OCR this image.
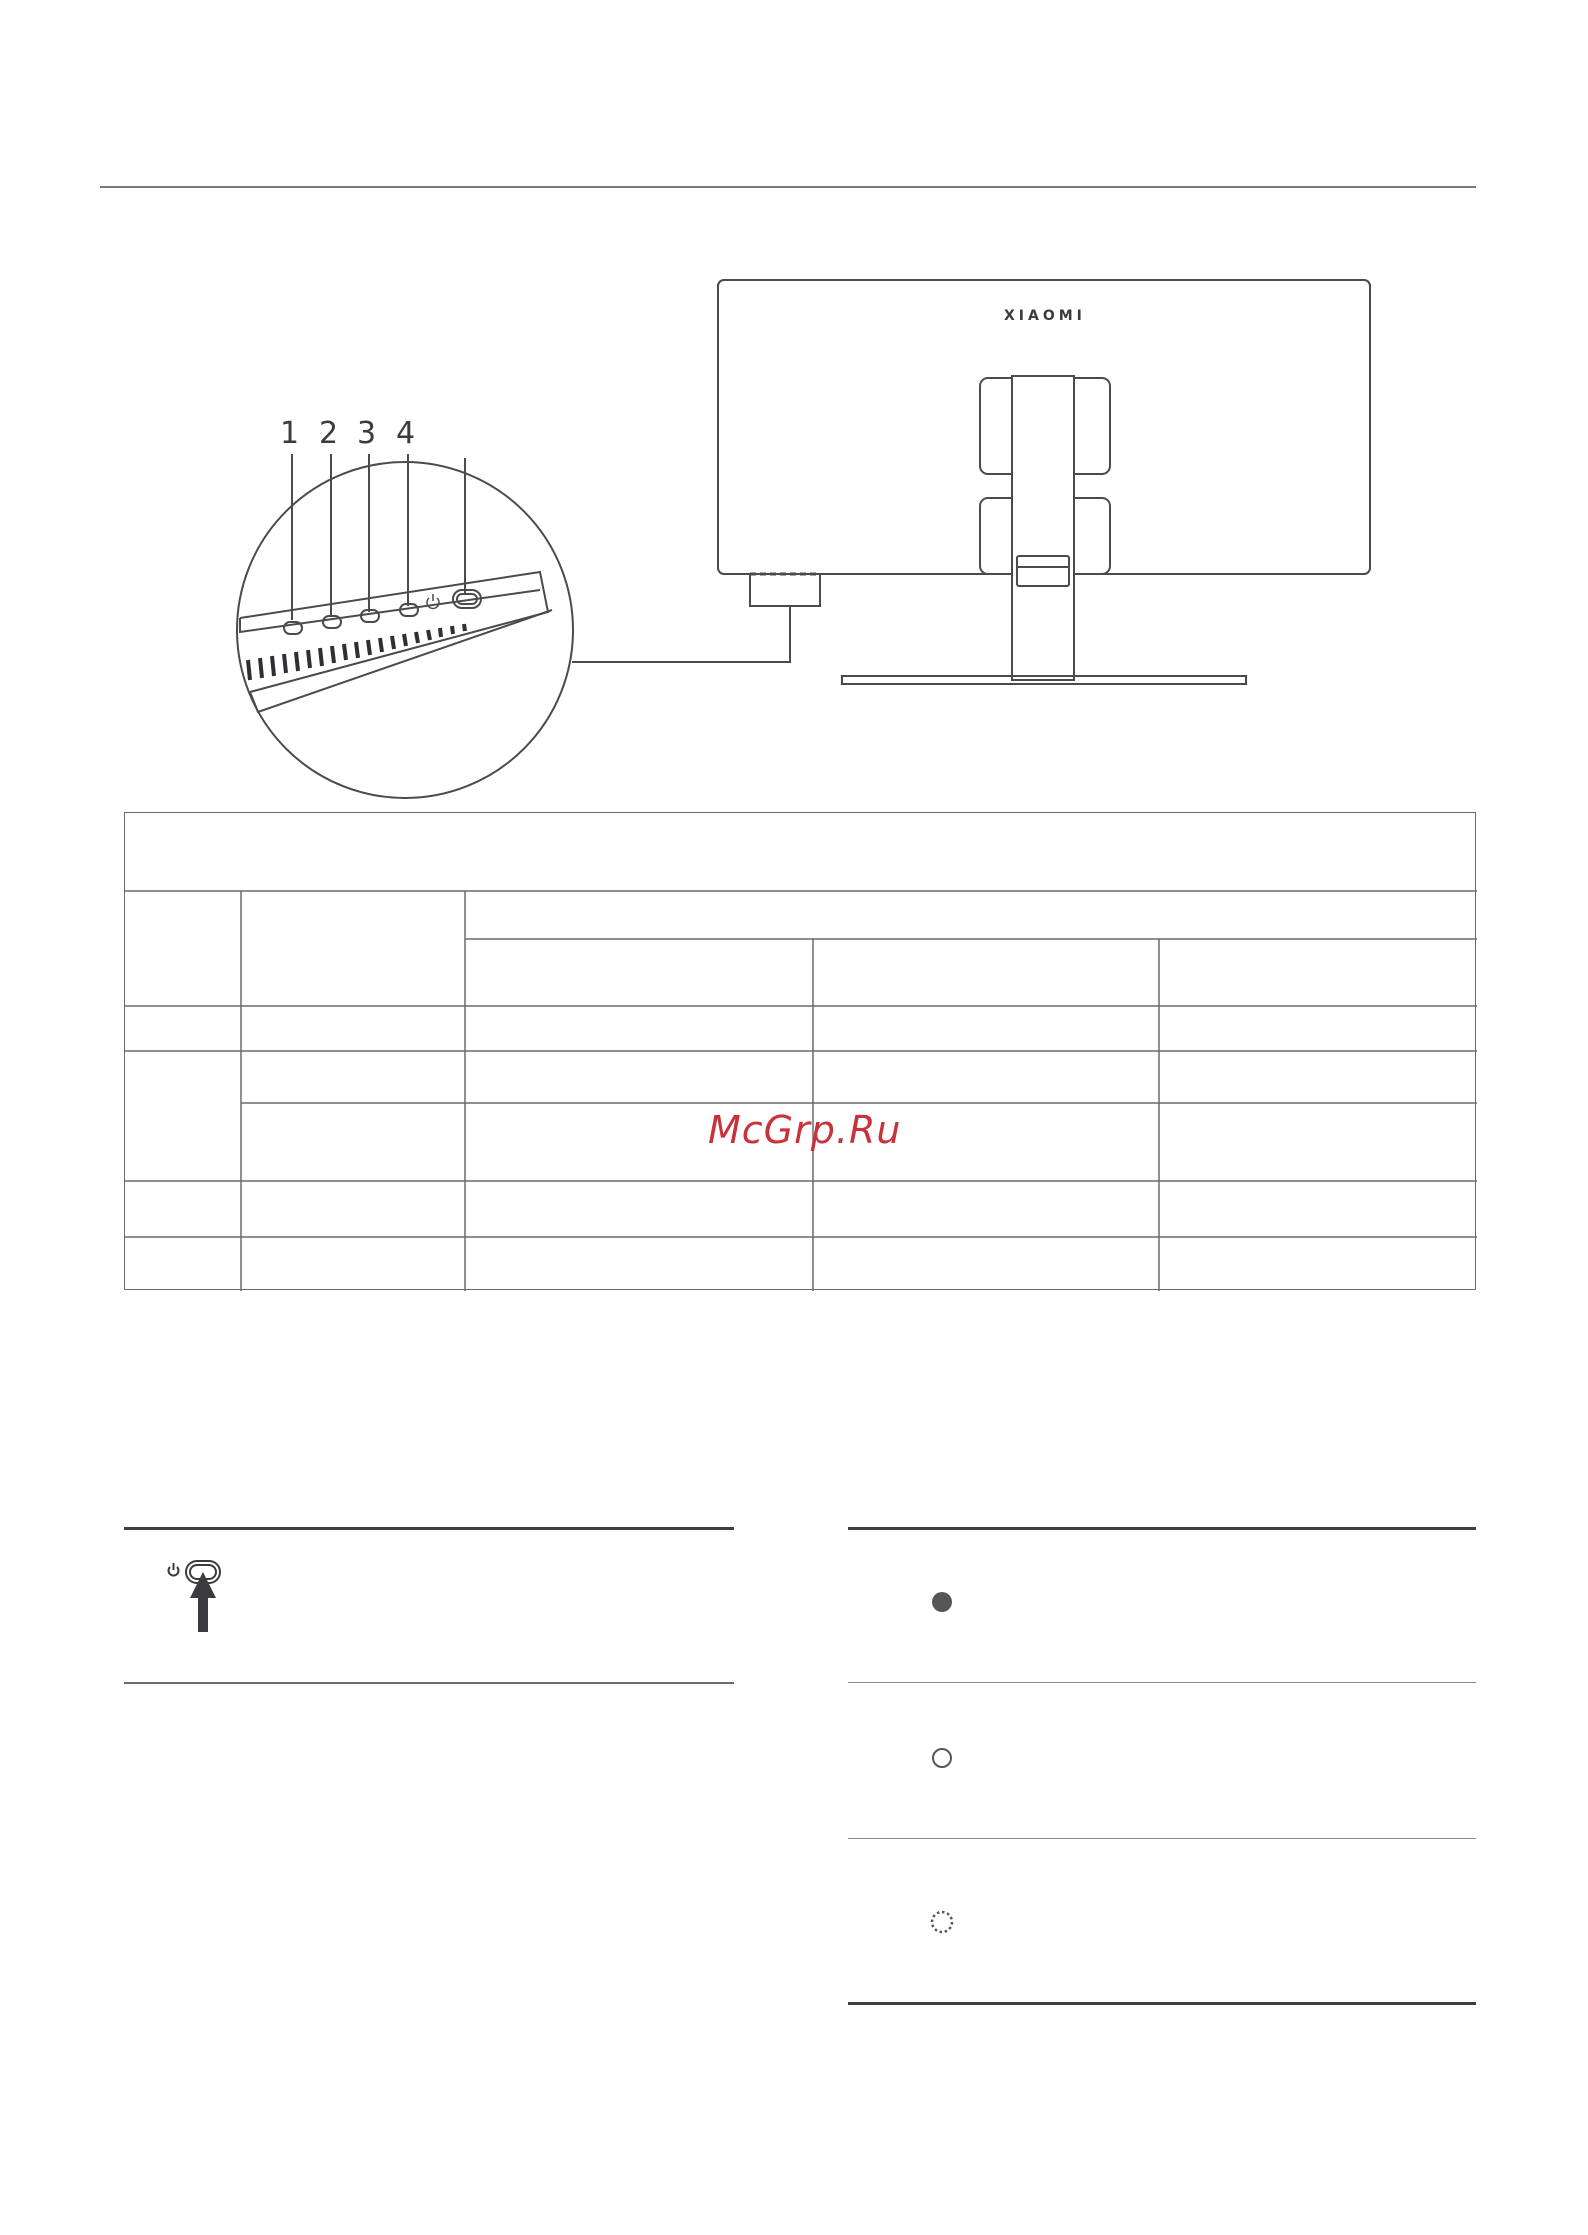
XIAOMI
1 2 3 4
McGrp.Ru
